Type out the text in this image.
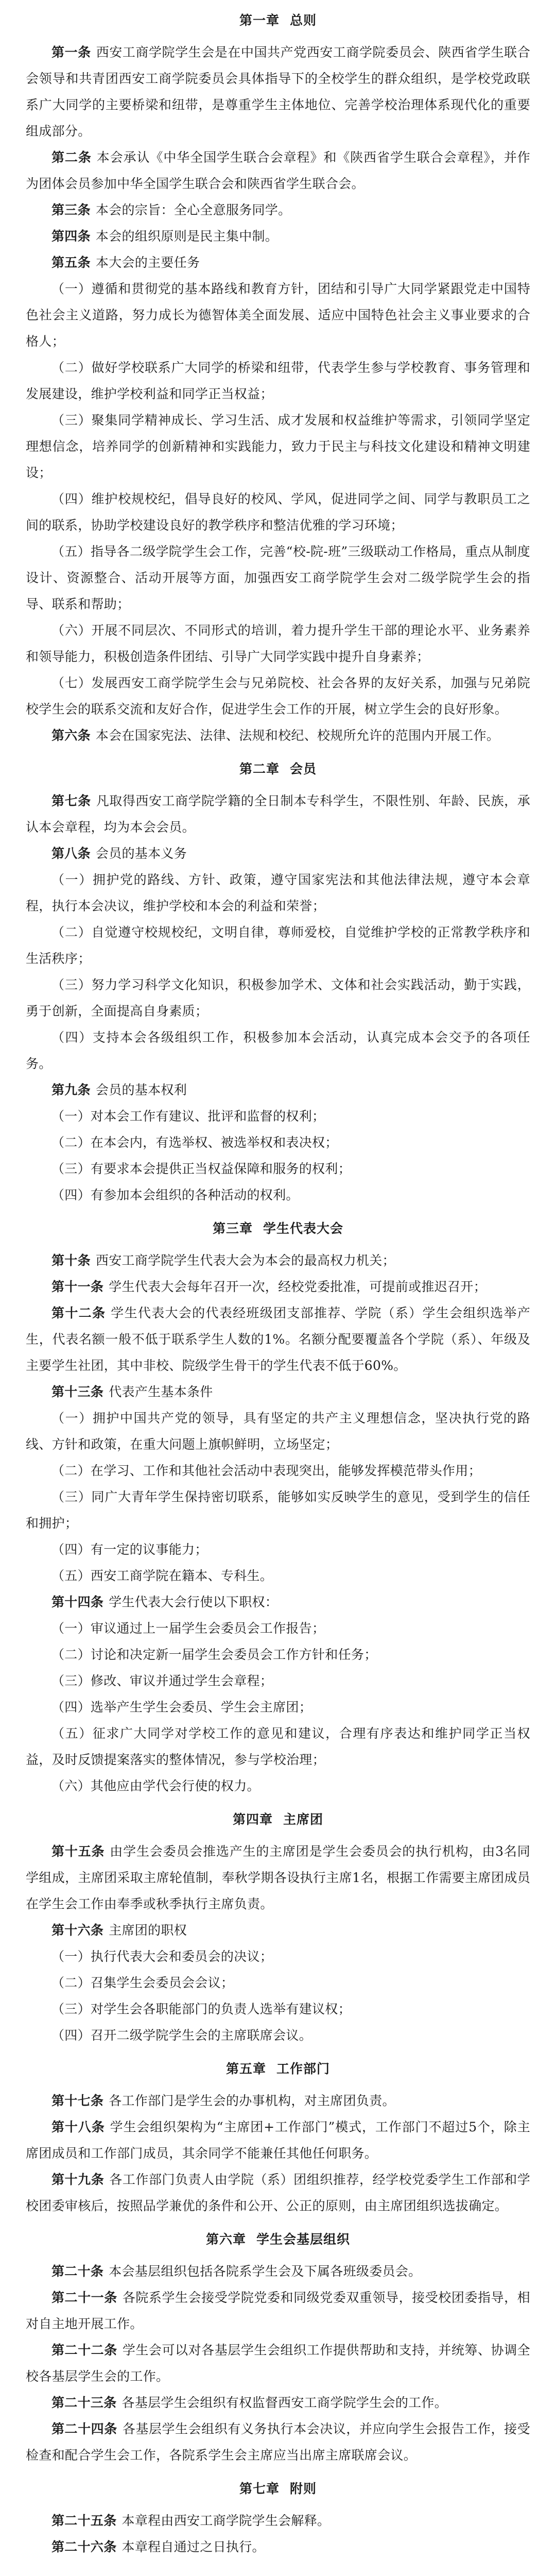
第一章 总则

第一条 西安工商学院学生会是在中国共产党西安工商学院委员会、陕西省学生联合会领导和共青团西安工商学院委员会具体指导下的全校学生的群众组织，是学校党政联系广大同学的主要桥梁和纽带，是尊重学生主体地位、完善学校治理体系现代化的重要组成部分。

第二条 本会承认《中华全国学生联合会章程》和《陕西省学生联合会章程》，并作为团体会员参加中华全国学生联合会和陕西省学生联合会。

第三条 本会的宗旨：全心全意服务同学。

第四条 本会的组织原则是民主集中制。

第五条 本大会的主要任务

（一）遵循和贯彻党的基本路线和教育方针，团结和引导广大同学紧跟党走中国特色社会主义道路，努力成长为德智体美全面发展、适应中国特色社会主义事业要求的合格人；

（二）做好学校联系广大同学的桥梁和纽带，代表学生参与学校教育、事务管理和发展建设，维护学校利益和同学正当权益；

（三）聚集同学精神成长、学习生活、成才发展和权益维护等需求，引领同学坚定理想信念，培养同学的创新精神和实践能力，致力于民主与科技文化建设和精神文明建设；

（四）维护校规校纪，倡导良好的校风、学风，促进同学之间、同学与教职员工之间的联系，协助学校建设良好的教学秩序和整洁优雅的学习环境；

（五）指导各二级学院学生会工作，完善“校-院-班”三级联动工作格局，重点从制度设计、资源整合、活动开展等方面，加强西安工商学院学生会对二级学院学生会的指导、联系和帮助；

（六）开展不同层次、不同形式的培训，着力提升学生干部的理论水平、业务素养和领导能力，积极创造条件团结、引导广大同学实践中提升自身素养；

（七）发展西安工商学院学生会与兄弟院校、社会各界的友好关系，加强与兄弟院校学生会的联系交流和友好合作，促进学生会工作的开展，树立学生会的良好形象。

第六条 本会在国家宪法、法律、法规和校纪、校规所允许的范围内开展工作。

第二章 会员

第七条 凡取得西安工商学院学籍的全日制本专科学生，不限性别、年龄、民族，承认本会章程，均为本会会员。

第八条 会员的基本义务

（一）拥护党的路线、方针、政策，遵守国家宪法和其他法律法规，遵守本会章程，执行本会决议，维护学校和本会的利益和荣誉；

（二）自觉遵守校规校纪，文明自律，尊师爱校，自觉维护学校的正常教学秩序和生活秩序；

（三）努力学习科学文化知识，积极参加学术、文体和社会实践活动，勤于实践，勇于创新，全面提高自身素质；

（四）支持本会各级组织工作，积极参加本会活动，认真完成本会交予的各项任务。

第九条 会员的基本权利

（一）对本会工作有建议、批评和监督的权利；

（二）在本会内，有选举权、被选举权和表决权；

（三）有要求本会提供正当权益保障和服务的权利；

（四）有参加本会组织的各种活动的权利。

第三章 学生代表大会

第十条 西安工商学院学生代表大会为本会的最高权力机关；

第十一条 学生代表大会每年召开一次，经校党委批准，可提前或推迟召开；

第十二条 学生代表大会的代表经班级团支部推荐、学院（系）学生会组织选举产生，代表名额一般不低于联系学生人数的1%。名额分配要覆盖各个学院（系）、年级及主要学生社团，其中非校、院级学生骨干的学生代表不低于60%。

第十三条 代表产生基本条件

（一）拥护中国共产党的领导，具有坚定的共产主义理想信念，坚决执行党的路线、方针和政策，在重大问题上旗帜鲜明，立场坚定；

（二）在学习、工作和其他社会活动中表现突出，能够发挥模范带头作用；

（三）同广大青年学生保持密切联系，能够如实反映学生的意见，受到学生的信任和拥护；

（四）有一定的议事能力；

（五）西安工商学院在籍本、专科生。

第十四条 学生代表大会行使以下职权：

（一）审议通过上一届学生会委员会工作报告；

（二）讨论和决定新一届学生会委员会工作方针和任务；

（三）修改、审议并通过学生会章程；

（四）选举产生学生会委员、学生会主席团；

（五）征求广大同学对学校工作的意见和建议，合理有序表达和维护同学正当权益，及时反馈提案落实的整体情况，参与学校治理；

（六）其他应由学代会行使的权力。

第四章 主席团

第十五条 由学生会委员会推选产生的主席团是学生会委员会的执行机构，由3名同学组成，主席团采取主席轮值制，奉秋学期各设执行主席1名，根据工作需要主席团成员在学生会工作由奉季或秋季执行主席负责。

第十六条 主席团的职权

（一）执行代表大会和委员会的决议；

（二）召集学生会委员会会议；

（三）对学生会各职能部门的负责人选举有建议权；

（四）召开二级学院学生会的主席联席会议。

第五章 工作部门

第十七条 各工作部门是学生会的办事机构，对主席团负责。

第十八条 学生会组织架构为“主席团+工作部门”模式，工作部门不超过5个，除主席团成员和工作部门成员，其余同学不能兼任其他任何职务。

第十九条 各工作部门负责人由学院（系）团组织推荐，经学校党委学生工作部和学校团委审核后，按照品学兼优的条件和公开、公正的原则，由主席团组织选拔确定。

第六章 学生会基层组织

第二十条 本会基层组织包括各院系学生会及下属各班级委员会。

第二十一条 各院系学生会接受学院党委和同级党委双重领导，接受校团委指导，相对自主地开展工作。

第二十二条 学生会可以对各基层学生会组织工作提供帮助和支持，并统筹、协调全校各基层学生会的工作。

第二十三条 各基层学生会组织有权监督西安工商学院学生会的工作。

第二十四条 各基层学生会组织有义务执行本会决议，并应向学生会报告工作，接受检查和配合学生会工作，各院系学生会主席应当出席主席联席会议。

第七章 附则

第二十五条 本章程由西安工商学院学生会解释。

第二十六条 本章程自通过之日执行。
